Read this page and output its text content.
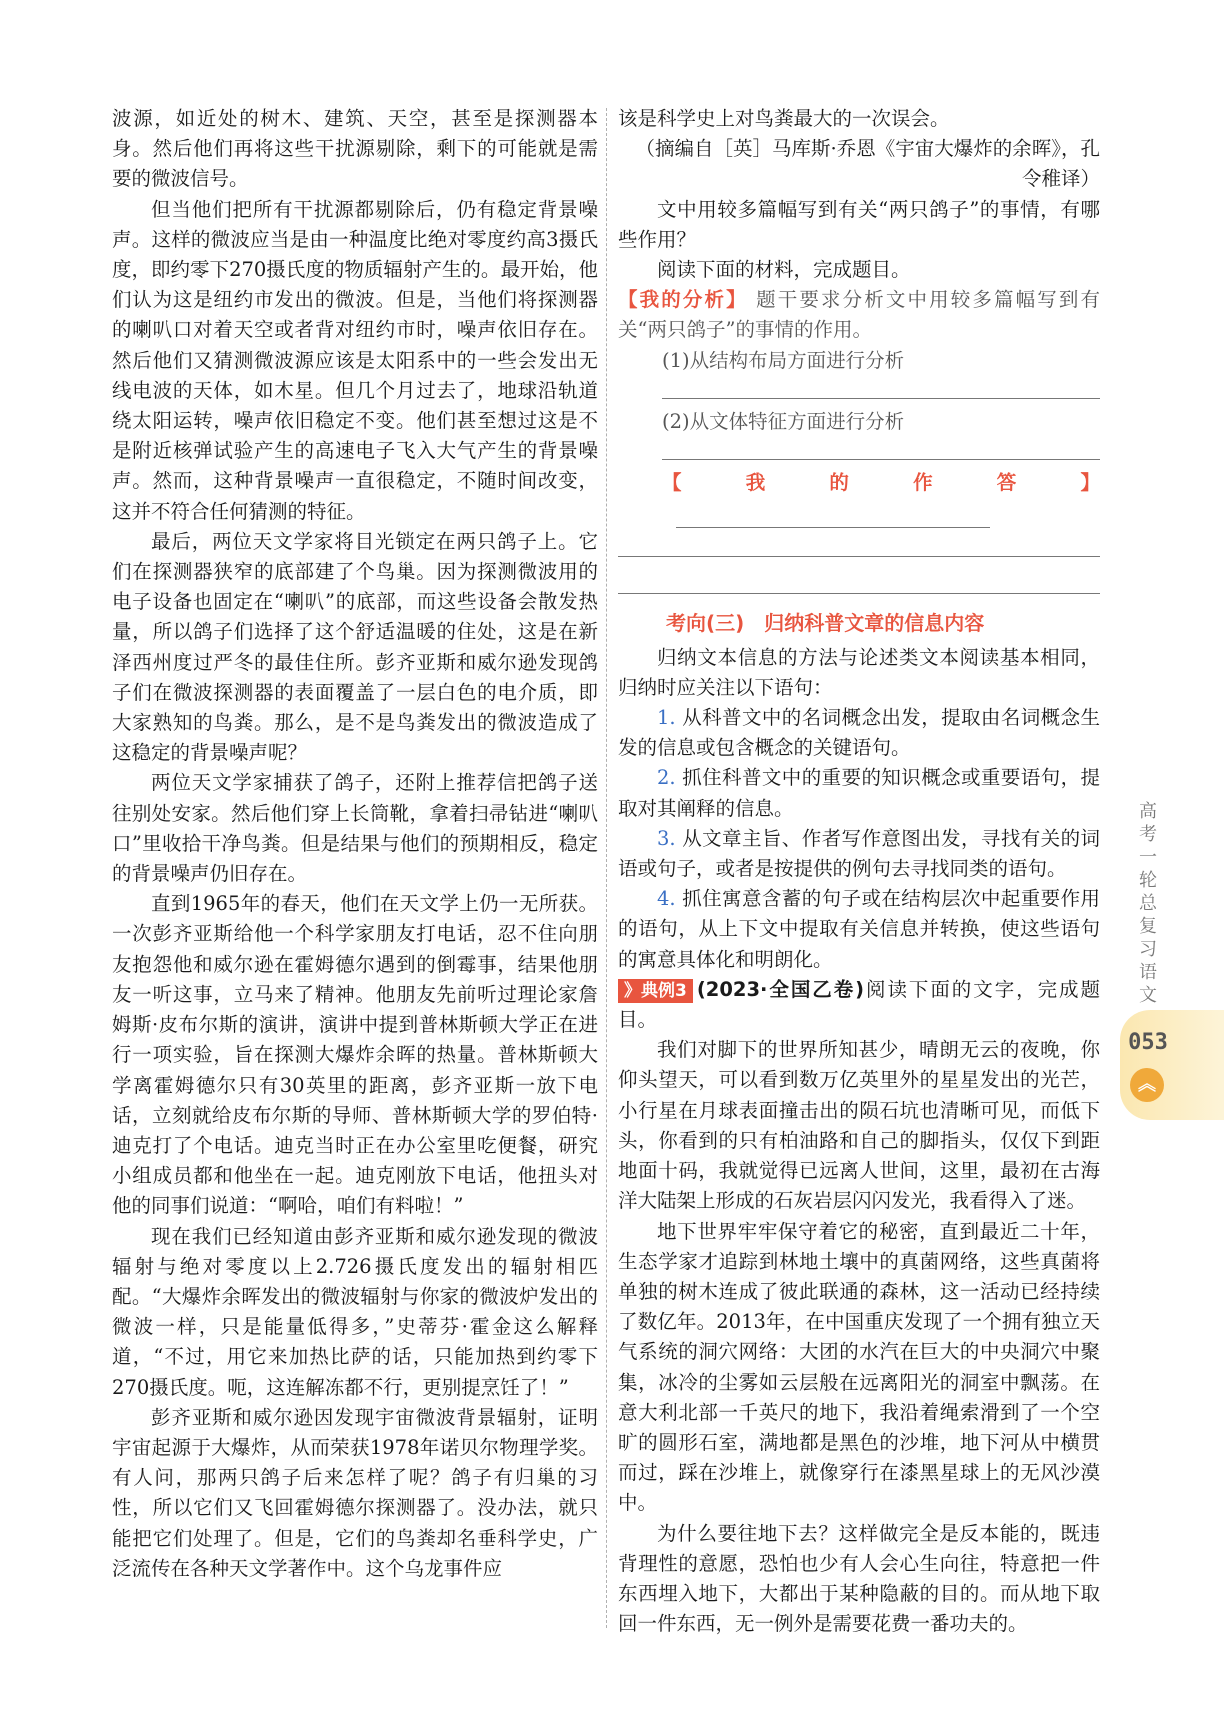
波源，如近处的树木、建筑、天空，甚至是探测器本身。然后他们再将这些干扰源剔除，剩下的可能就是需要的微波信号。

但当他们把所有干扰源都剔除后，仍有稳定背景噪声。这样的微波应当是由一种温度比绝对零度约高3摄氏度，即约零下270摄氏度的物质辐射产生的。最开始，他们认为这是纽约市发出的微波。但是，当他们将探测器的喇叭口对着天空或者背对纽约市时，噪声依旧存在。然后他们又猜测微波源应该是太阳系中的一些会发出无线电波的天体，如木星。但几个月过去了，地球沿轨道绕太阳运转，噪声依旧稳定不变。他们甚至想过这是不是附近核弹试验产生的高速电子飞入大气产生的背景噪声。然而，这种背景噪声一直很稳定，不随时间改变，这并不符合任何猜测的特征。

最后，两位天文学家将目光锁定在两只鸽子上。它们在探测器狭窄的底部建了个鸟巢。因为探测微波用的电子设备也固定在“喇叭”的底部，而这些设备会散发热量，所以鸽子们选择了这个舒适温暖的住处，这是在新泽西州度过严冬的最佳住所。彭齐亚斯和威尔逊发现鸽子们在微波探测器的表面覆盖了一层白色的电介质，即大家熟知的鸟粪。那么，是不是鸟粪发出的微波造成了这稳定的背景噪声呢？

两位天文学家捕获了鸽子，还附上推荐信把鸽子送往别处安家。然后他们穿上长筒靴，拿着扫帚钻进“喇叭口”里收拾干净鸟粪。但是结果与他们的预期相反，稳定的背景噪声仍旧存在。

直到1965年的春天，他们在天文学上仍一无所获。一次彭齐亚斯给他一个科学家朋友打电话，忍不住向朋友抱怨他和威尔逊在霍姆德尔遇到的倒霉事，结果他朋友一听这事，立马来了精神。他朋友先前听过理论家詹姆斯·皮布尔斯的演讲，演讲中提到普林斯顿大学正在进行一项实验，旨在探测大爆炸余晖的热量。普林斯顿大学离霍姆德尔只有30英里的距离，彭齐亚斯一放下电话，立刻就给皮布尔斯的导师、普林斯顿大学的罗伯特·迪克打了个电话。迪克当时正在办公室里吃便餐，研究小组成员都和他坐在一起。迪克刚放下电话，他扭头对他的同事们说道：“啊哈，咱们有料啦！”

现在我们已经知道由彭齐亚斯和威尔逊发现的微波辐射与绝对零度以上2.726摄氏度发出的辐射相匹配。“大爆炸余晖发出的微波辐射与你家的微波炉发出的微波一样，只是能量低得多，”史蒂芬·霍金这么解释道，“不过，用它来加热比萨的话，只能加热到约零下270摄氏度。呃，这连解冻都不行，更别提烹饪了！”

彭齐亚斯和威尔逊因发现宇宙微波背景辐射，证明宇宙起源于大爆炸，从而荣获1978年诺贝尔物理学奖。有人问，那两只鸽子后来怎样了呢？鸽子有归巢的习性，所以它们又飞回霍姆德尔探测器了。没办法，就只能把它们处理了。但是，它们的鸟粪却名垂科学史，广泛流传在各种天文学著作中。这个乌龙事件应

该是科学史上对鸟粪最大的一次误会。

（摘编自［英］马库斯·乔恩《宇宙大爆炸的余晖》，孔令稚译）

文中用较多篇幅写到有关“两只鸽子”的事情，有哪些作用？

阅读下面的材料，完成题目。

【我的分析】 题干要求分析文中用较多篇幅写到有关“两只鸽子”的事情的作用。

(1)从结构布局方面进行分析

(2)从文体特征方面进行分析

【我的作答】

考向(三)　归纳科普文章的信息内容

归纳文本信息的方法与论述类文本阅读基本相同，归纳时应关注以下语句：

1. 从科普文中的名词概念出发，提取由名词概念生发的信息或包含概念的关键语句。

2. 抓住科普文中的重要的知识概念或重要语句，提取对其阐释的信息。

3. 从文章主旨、作者写作意图出发，寻找有关的词语或句子，或者是按提供的例句去寻找同类的语句。

4. 抓住寓意含蓄的句子或在结构层次中起重要作用的语句，从上下文中提取有关信息并转换，使这些语句的寓意具体化和明朗化。

》典例3 (2023·全国乙卷)阅读下面的文字，完成题目。

我们对脚下的世界所知甚少，晴朗无云的夜晚，你仰头望天，可以看到数万亿英里外的星星发出的光芒，小行星在月球表面撞击出的陨石坑也清晰可见，而低下头，你看到的只有柏油路和自己的脚指头，仅仅下到距地面十码，我就觉得已远离人世间，这里，最初在古海洋大陆架上形成的石灰岩层闪闪发光，我看得入了迷。

地下世界牢牢保守着它的秘密，直到最近二十年，生态学家才追踪到林地土壤中的真菌网络，这些真菌将单独的树木连成了彼此联通的森林，这一活动已经持续了数亿年。2013年，在中国重庆发现了一个拥有独立天气系统的洞穴网络：大团的水汽在巨大的中央洞穴中聚集，冰冷的尘雾如云层般在远离阳光的洞室中飘荡。在意大利北部一千英尺的地下，我沿着绳索滑到了一个空旷的圆形石室，满地都是黑色的沙堆，地下河从中横贯而过，踩在沙堆上，就像穿行在漆黑星球上的无风沙漠中。

为什么要往地下去？这样做完全是反本能的，既违背理性的意愿，恐怕也少有人会心生向往，特意把一件东西埋入地下，大都出于某种隐蔽的目的。而从地下取回一件东西，无一例外是需要花费一番功夫的。

高考一轮总复习 语文
053
︽
